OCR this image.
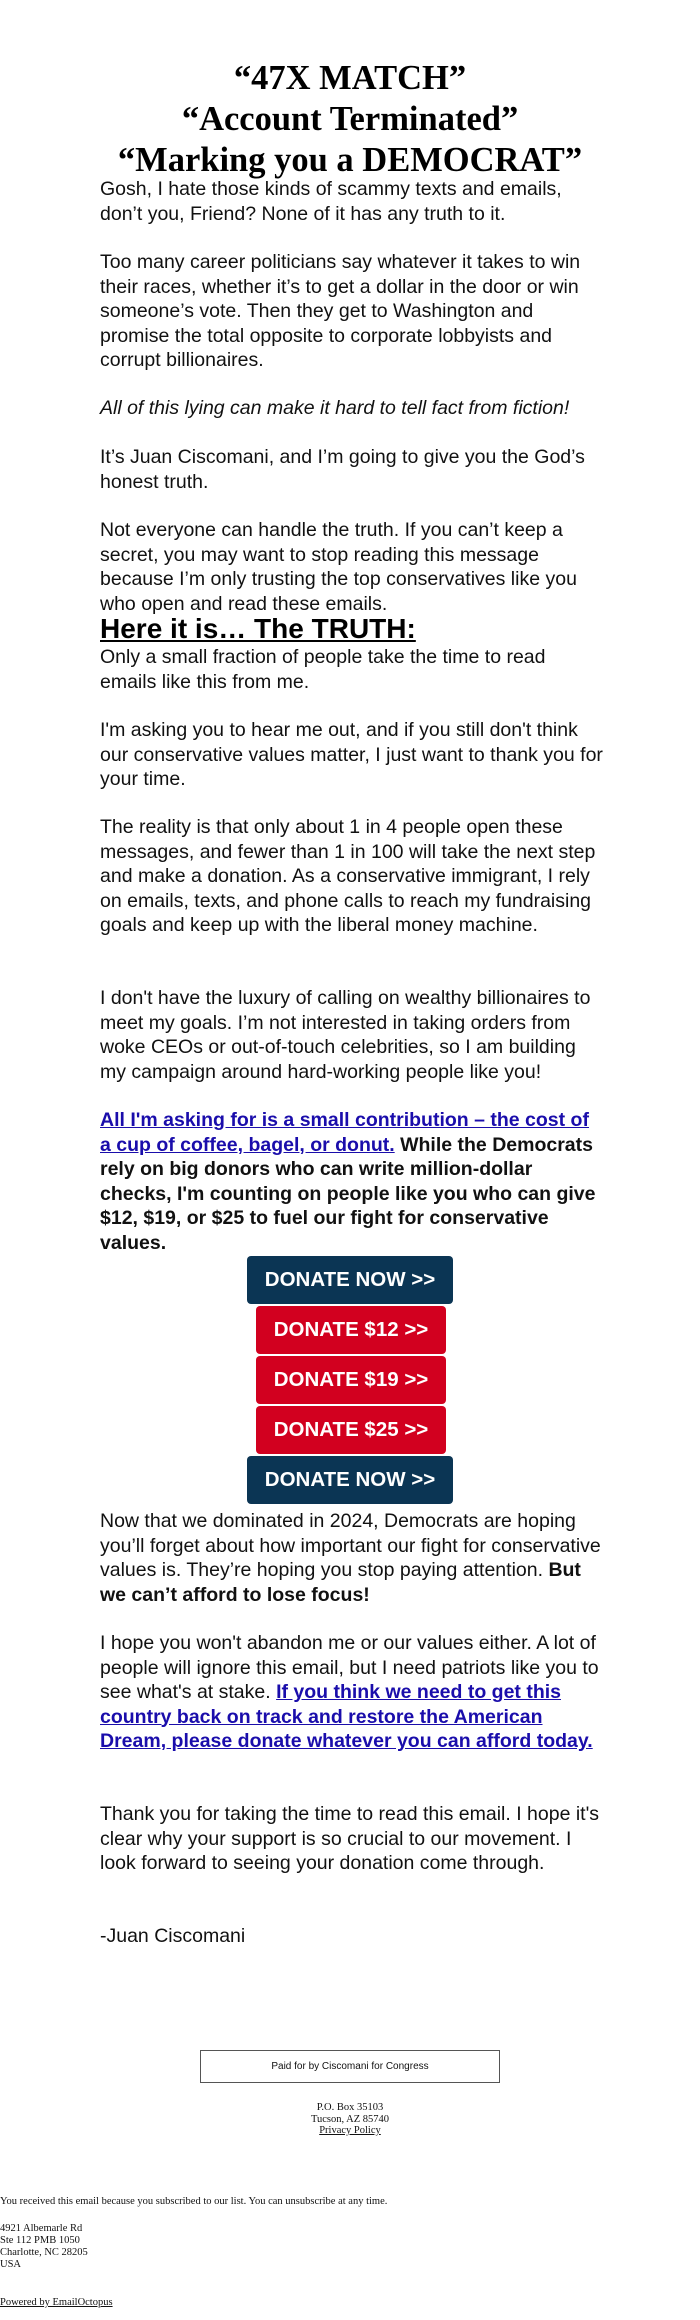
“47X MATCH”
“Account Terminated”
“Marking you a DEMOCRAT”

Gosh, I hate those kinds of scammy texts and emails, don’t you, Friend? None of it has any truth to it.

Too many career politicians say whatever it takes to win their races, whether it’s to get a dollar in the door or win someone’s vote. Then they get to Washington and promise the total opposite to corporate lobbyists and corrupt billionaires.

All of this lying can make it hard to tell fact from fiction!

It’s Juan Ciscomani, and I’m going to give you the God’s honest truth.

Not everyone can handle the truth. If you can’t keep a secret, you may want to stop reading this message because I’m only trusting the top conservatives like you who open and read these emails.

Here it is… The TRUTH:

Only a small fraction of people take the time to read emails like this from me.

I'm asking you to hear me out, and if you still don't think our conservative values matter, I just want to thank you for your time.

The reality is that only about 1 in 4 people open these messages, and fewer than 1 in 100 will take the next step and make a donation. As a conservative immigrant, I rely on emails, texts, and phone calls to reach my fundraising goals and keep up with the liberal money machine.

I don't have the luxury of calling on wealthy billionaires to meet my goals. I’m not interested in taking orders from woke CEOs or out-of-touch celebrities, so I am building my campaign around hard-working people like you!

All I'm asking for is a small contribution – the cost of a cup of coffee, bagel, or donut. While the Democrats rely on big donors who can write million-dollar checks, I'm counting on people like you who can give $12, $19, or $25 to fuel our fight for conservative values.

DONATE NOW >>
DONATE $12 >>
DONATE $19 >>
DONATE $25 >>
DONATE NOW >>

Now that we dominated in 2024, Democrats are hoping you’ll forget about how important our fight for conservative values is. They’re hoping you stop paying attention. But we can’t afford to lose focus!

I hope you won't abandon me or our values either. A lot of people will ignore this email, but I need patriots like you to see what's at stake. If you think we need to get this country back on track and restore the American Dream, please donate whatever you can afford today.

Thank you for taking the time to read this email. I hope it's clear why your support is so crucial to our movement. I look forward to seeing your donation come through.

-Juan Ciscomani

Paid for by Ciscomani for Congress
P.O. Box 35103
Tucson, AZ 85740
Privacy Policy
You received this email because you subscribed to our list. You can unsubscribe at any time.
4921 Albemarle Rd
Ste 112 PMB 1050
Charlotte, NC 28205
USA
Powered by EmailOctopus
